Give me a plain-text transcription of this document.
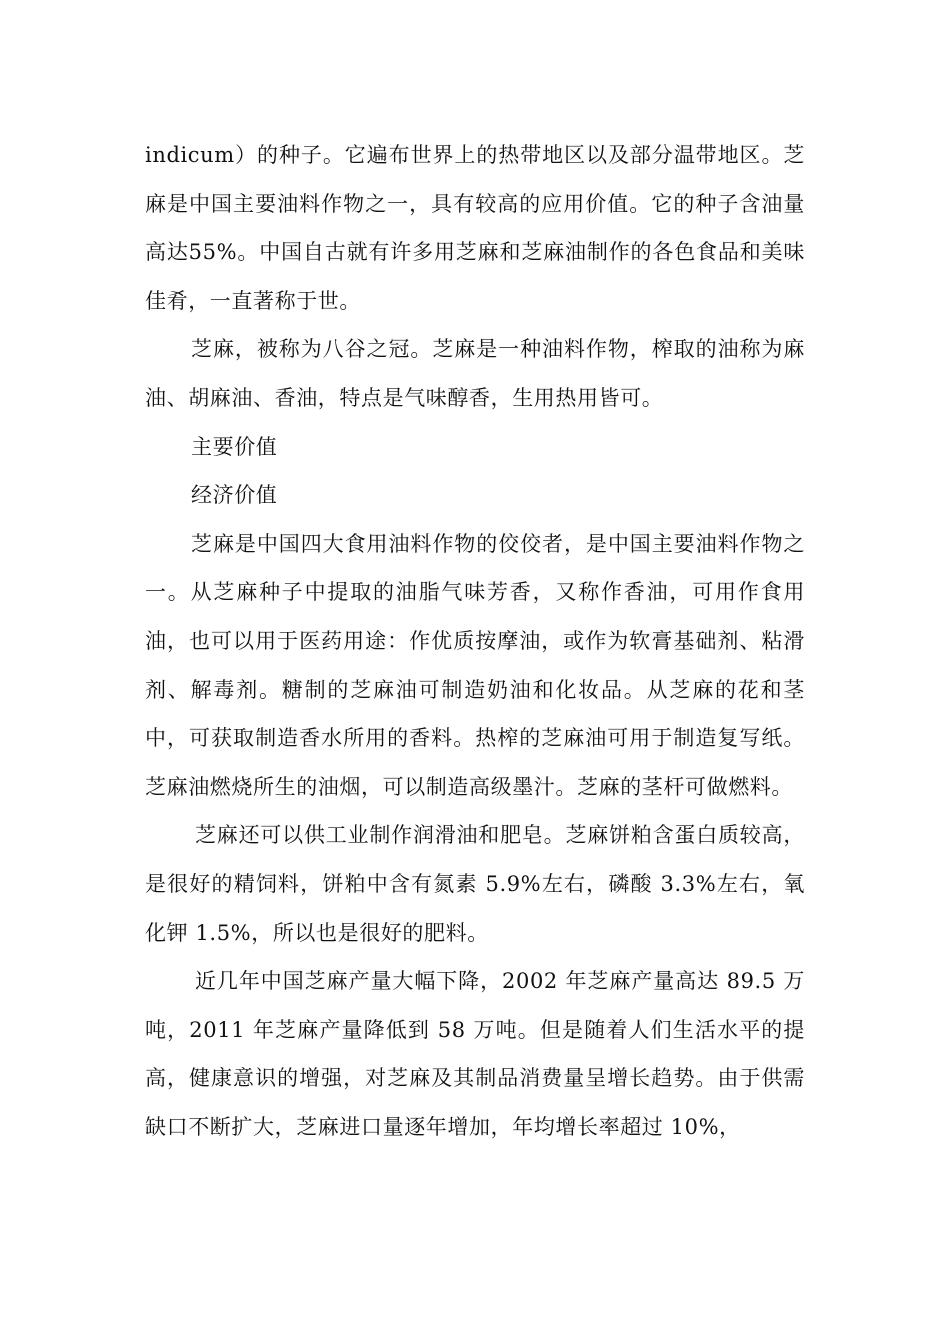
indicum）的种子。它遍布世界上的热带地区以及部分温带地区。芝麻是中国主要油料作物之一，具有较高的应用价值。它的种子含油量高达55%。中国自古就有许多用芝麻和芝麻油制作的各色食品和美味佳肴，一直著称于世。

芝麻，被称为八谷之冠。芝麻是一种油料作物，榨取的油称为麻油、胡麻油、香油，特点是气味醇香，生用热用皆可。

主要价值

经济价值

芝麻是中国四大食用油料作物的佼佼者，是中国主要油料作物之一。从芝麻种子中提取的油脂气味芳香，又称作香油，可用作食用油，也可以用于医药用途：作优质按摩油，或作为软膏基础剂、粘滑剂、解毒剂。糖制的芝麻油可制造奶油和化妆品。从芝麻的花和茎中，可获取制造香水所用的香料。热榨的芝麻油可用于制造复写纸。芝麻油燃烧所生的油烟，可以制造高级墨汁。芝麻的茎杆可做燃料。

芝麻还可以供工业制作润滑油和肥皂。芝麻饼粕含蛋白质较高，是很好的精饲料，饼粕中含有氮素 5.9%左右，磷酸 3.3%左右，氧化钾 1.5%，所以也是很好的肥料。

近几年中国芝麻产量大幅下降，2002 年芝麻产量高达 89.5 万吨，2011 年芝麻产量降低到 58 万吨。但是随着人们生活水平的提高，健康意识的增强，对芝麻及其制品消费量呈增长趋势。由于供需缺口不断扩大，芝麻进口量逐年增加，年均增长率超过 10%，
